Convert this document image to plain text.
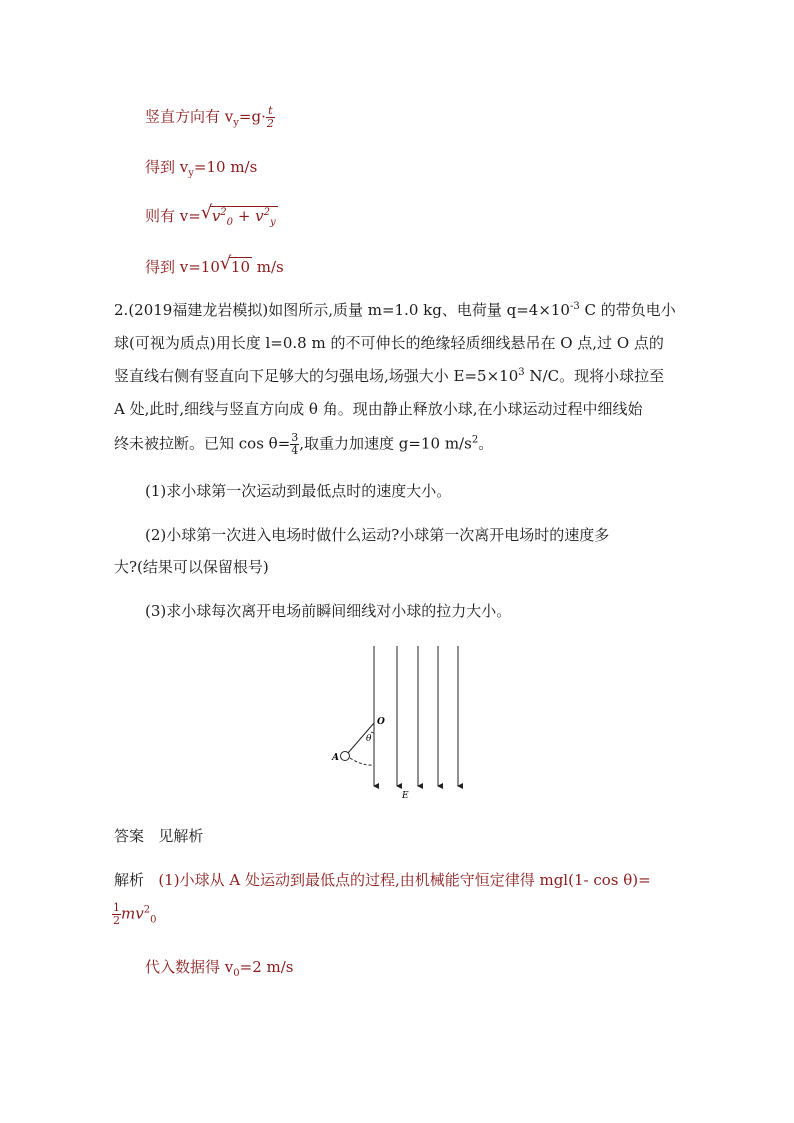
竖直方向有 $v_y=g\cdot \frac{t}{2}$
得到 $v_y=10$ m/s
则有 v= √ $v^2_0 + v^2_y$
得到 v=10 √ 10 m/s
2.(2019福建龙岩模拟)如图所示,质量 m=1.0 kg、电荷量 $q=4\times 10^{-3}$ C 的带负电小
球(可视为质点)用长度 l=0.8 m 的不可伸长的绝缘轻质细线悬吊在 O 点,过 O 点的
竖直线右侧有竖直向下足够大的匀强电场,场强大小 $E=5\times 10^3$ N/C。现将小球拉至
A 处,此时,细线与竖直方向成 θ 角。现由静止释放小球,在小球运动过程中细线始
终未被拉断。已知 $\cos \theta= \frac{3}{4}$ ,取重力加速度 g=10 $m/s^2$。
(1)求小球第一次运动到最低点时的速度大小。
(2)小球第一次进入电场时做什么运动?小球第一次离开电场时的速度多
大?(结果可以保留根号)
(3)求小球每次离开电场前瞬间细线对小球的拉力大小。
O
θ
A
E
答案 见解析
解析 (1)小球从 A 处运动到最低点的过程,由机械能守恒定律得 mgl(1- cos θ)=
$\frac{1}{2} mv^2_0$
代入数据得 $v_0=2$ m/s
